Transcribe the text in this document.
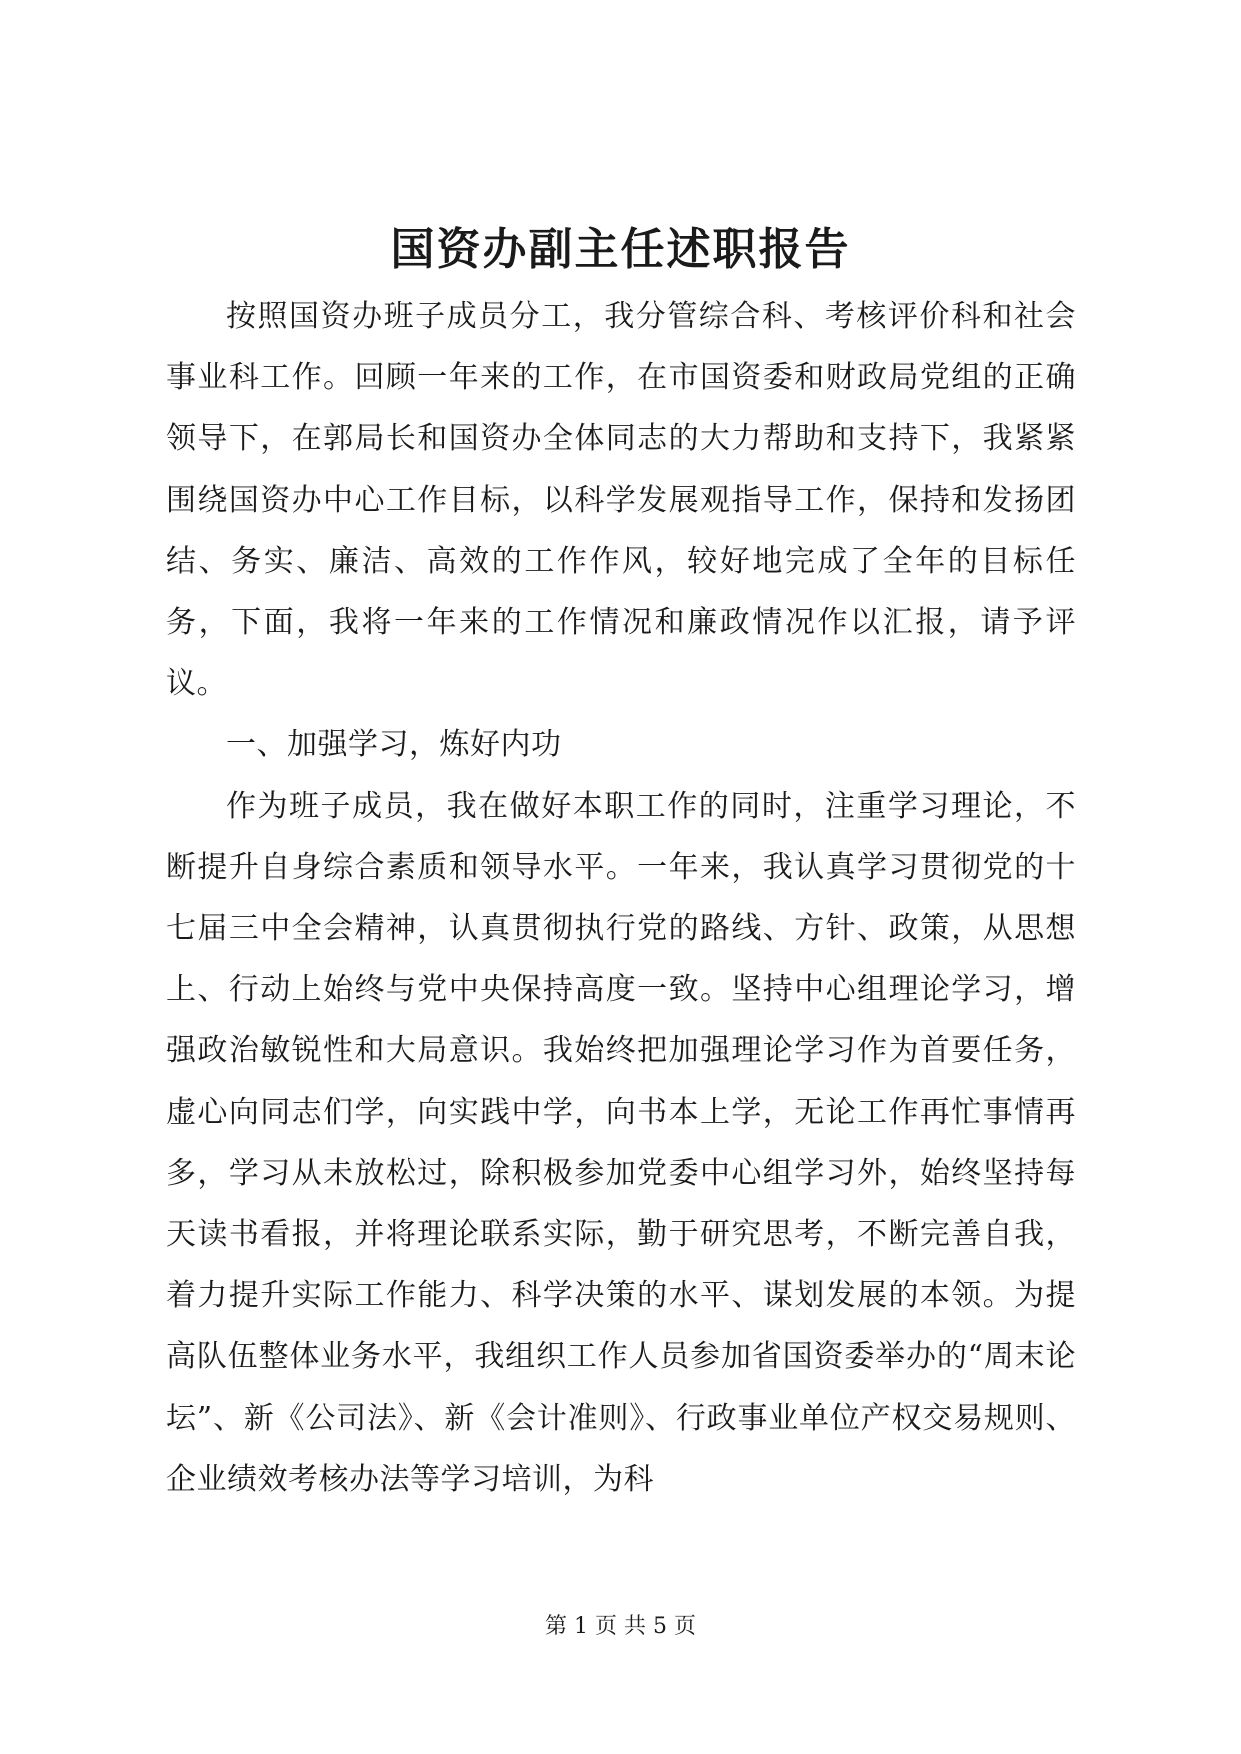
国资办副主任述职报告

按照国资办班子成员分工，我分管综合科、考核评价科和社会事业科工作。回顾一年来的工作，在市国资委和财政局党组的正确领导下，在郭局长和国资办全体同志的大力帮助和支持下，我紧紧围绕国资办中心工作目标，以科学发展观指导工作，保持和发扬团结、务实、廉洁、高效的工作作风，较好地完成了全年的目标任务，下面，我将一年来的工作情况和廉政情况作以汇报，请予评议。

一、加强学习，炼好内功

作为班子成员，我在做好本职工作的同时，注重学习理论，不断提升自身综合素质和领导水平。一年来，我认真学习贯彻党的十七届三中全会精神，认真贯彻执行党的路线、方针、政策，从思想上、行动上始终与党中央保持高度一致。坚持中心组理论学习，增强政治敏锐性和大局意识。我始终把加强理论学习作为首要任务，虚心向同志们学，向实践中学，向书本上学，无论工作再忙事情再多，学习从未放松过，除积极参加党委中心组学习外，始终坚持每天读书看报，并将理论联系实际，勤于研究思考，不断完善自我，着力提升实际工作能力、科学决策的水平、谋划发展的本领。为提高队伍整体业务水平，我组织工作人员参加省国资委举办的“周末论坛”、新《公司法》、新《会计准则》、行政事业单位产权交易规则、企业绩效考核办法等学习培训，为科

第 1 页 共 5 页
